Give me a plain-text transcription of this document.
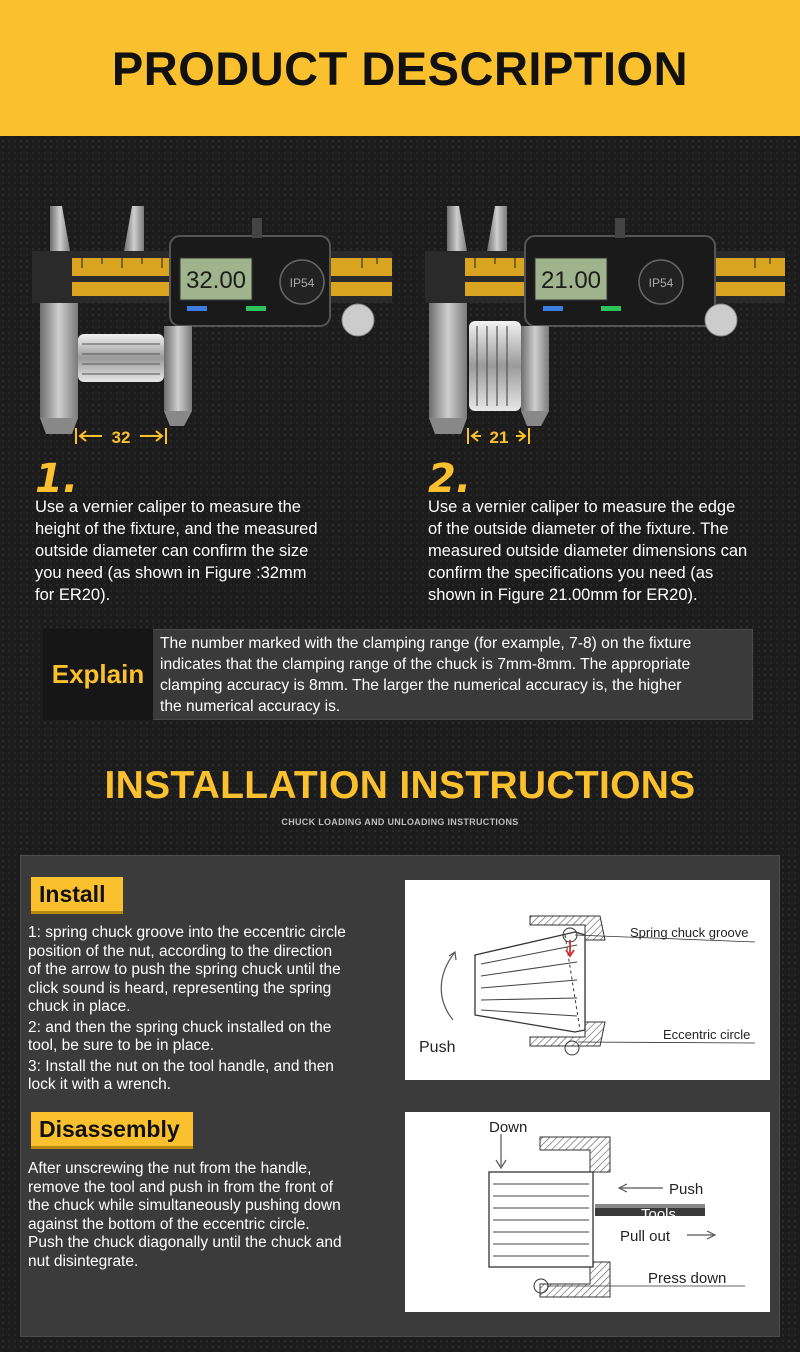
PRODUCT DESCRIPTION
32.00	IP54
32
21.00	IP54
21
1.	2.
Use a vernier caliper to measure the
height of the fixture, and the measured
outside diameter can confirm the size
you need (as shown in Figure :32mm
for ER20).
Use a vernier caliper to measure the edge
of the outside diameter of the fixture. The
measured outside diameter dimensions can
confirm the specifications you need (as
shown in Figure 21.00mm for ER20).
Explain
The number marked with the clamping range (for example, 7-8) on the fixture
indicates that the clamping range of the chuck is 7mm-8mm. The appropriate
clamping accuracy is 8mm. The larger the numerical accuracy is, the higher
the numerical accuracy is.
INSTALLATION INSTRUCTIONS
CHUCK LOADING AND UNLOADING INSTRUCTIONS
Install
1: spring chuck groove into the eccentric circle
position of the nut, according to the direction
of the arrow to push the spring chuck until the
click sound is heard, representing the spring
chuck in place.
2: and then the spring chuck installed on the
tool, be sure to be in place.
3: Install the nut on the tool handle, and then
lock it with a wrench.
Spring chuck groove
Eccentric circle
Push
Disassembly
After unscrewing the nut from the handle,
remove the tool and push in from the front of
the chuck while simultaneously pushing down
against the bottom of the eccentric circle.
Push the chuck diagonally until the chuck and
nut disintegrate.
Down
Push
Tools
Pull out
Press down
